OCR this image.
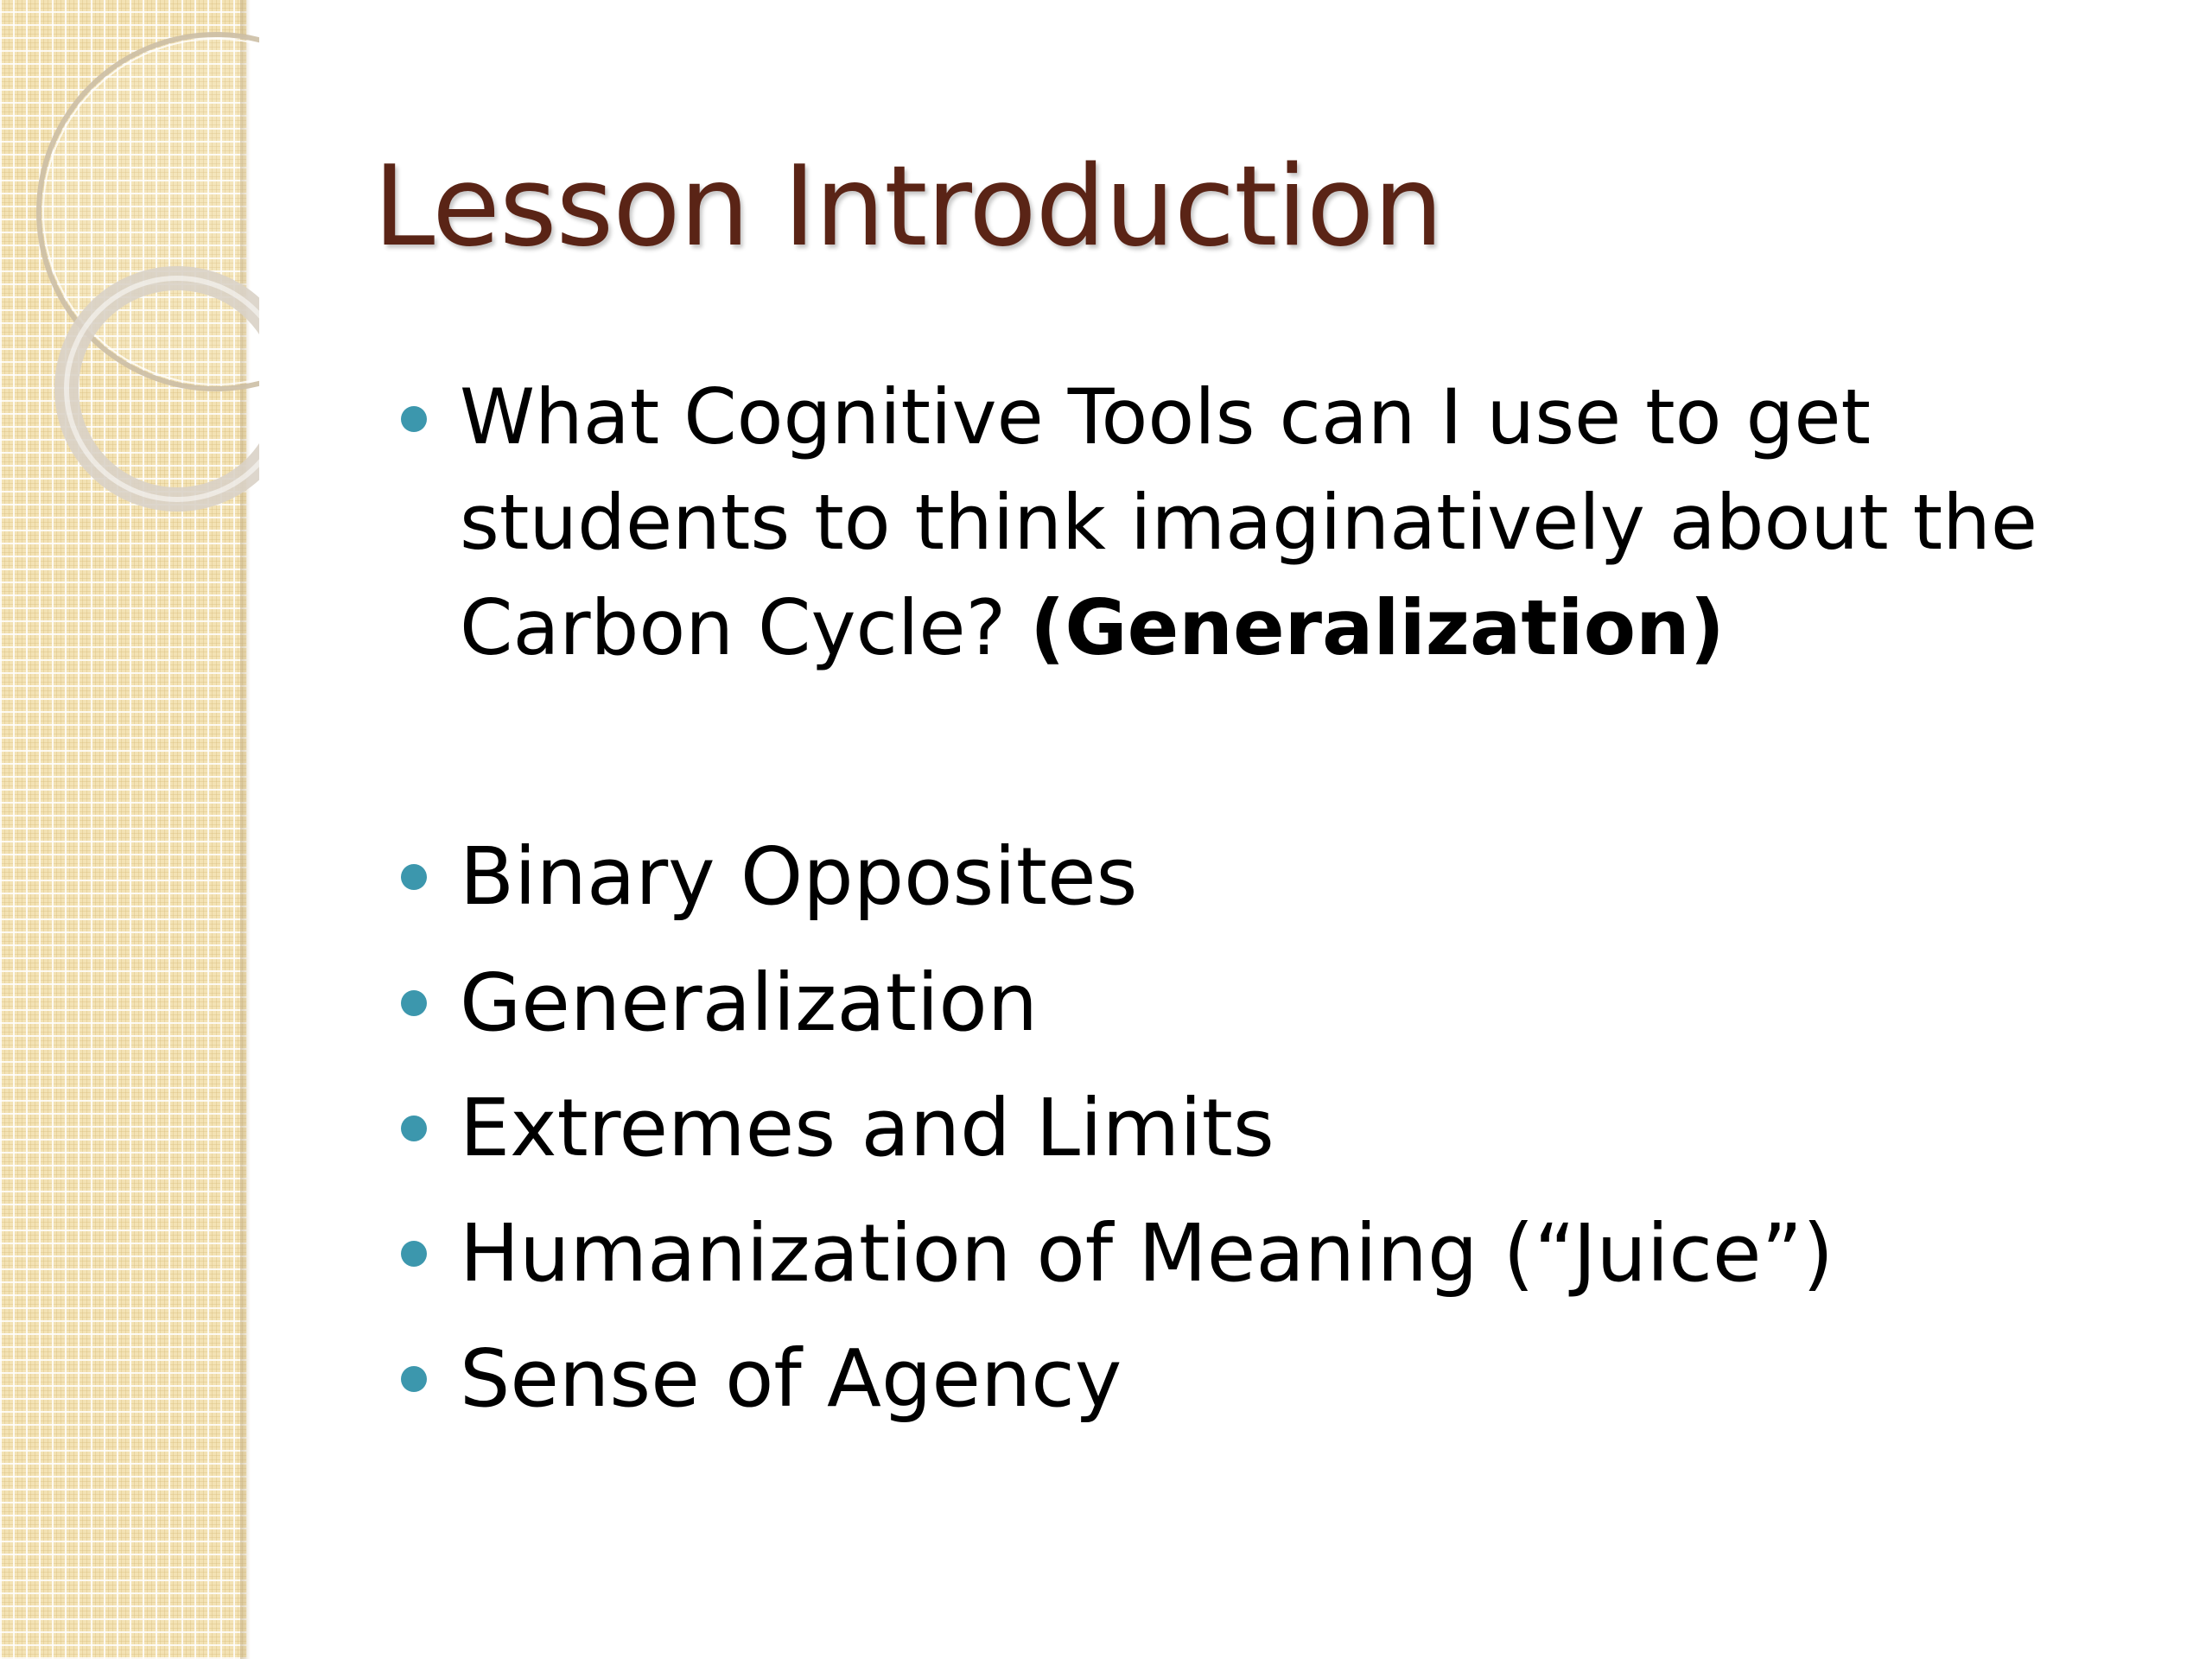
Lesson Introduction
What Cognitive Tools can I use to get students to think imaginatively about the Carbon Cycle? (Generalization)
Binary Opposites
Generalization
Extremes and Limits
Humanization of Meaning (“Juice”)
Sense of Agency
